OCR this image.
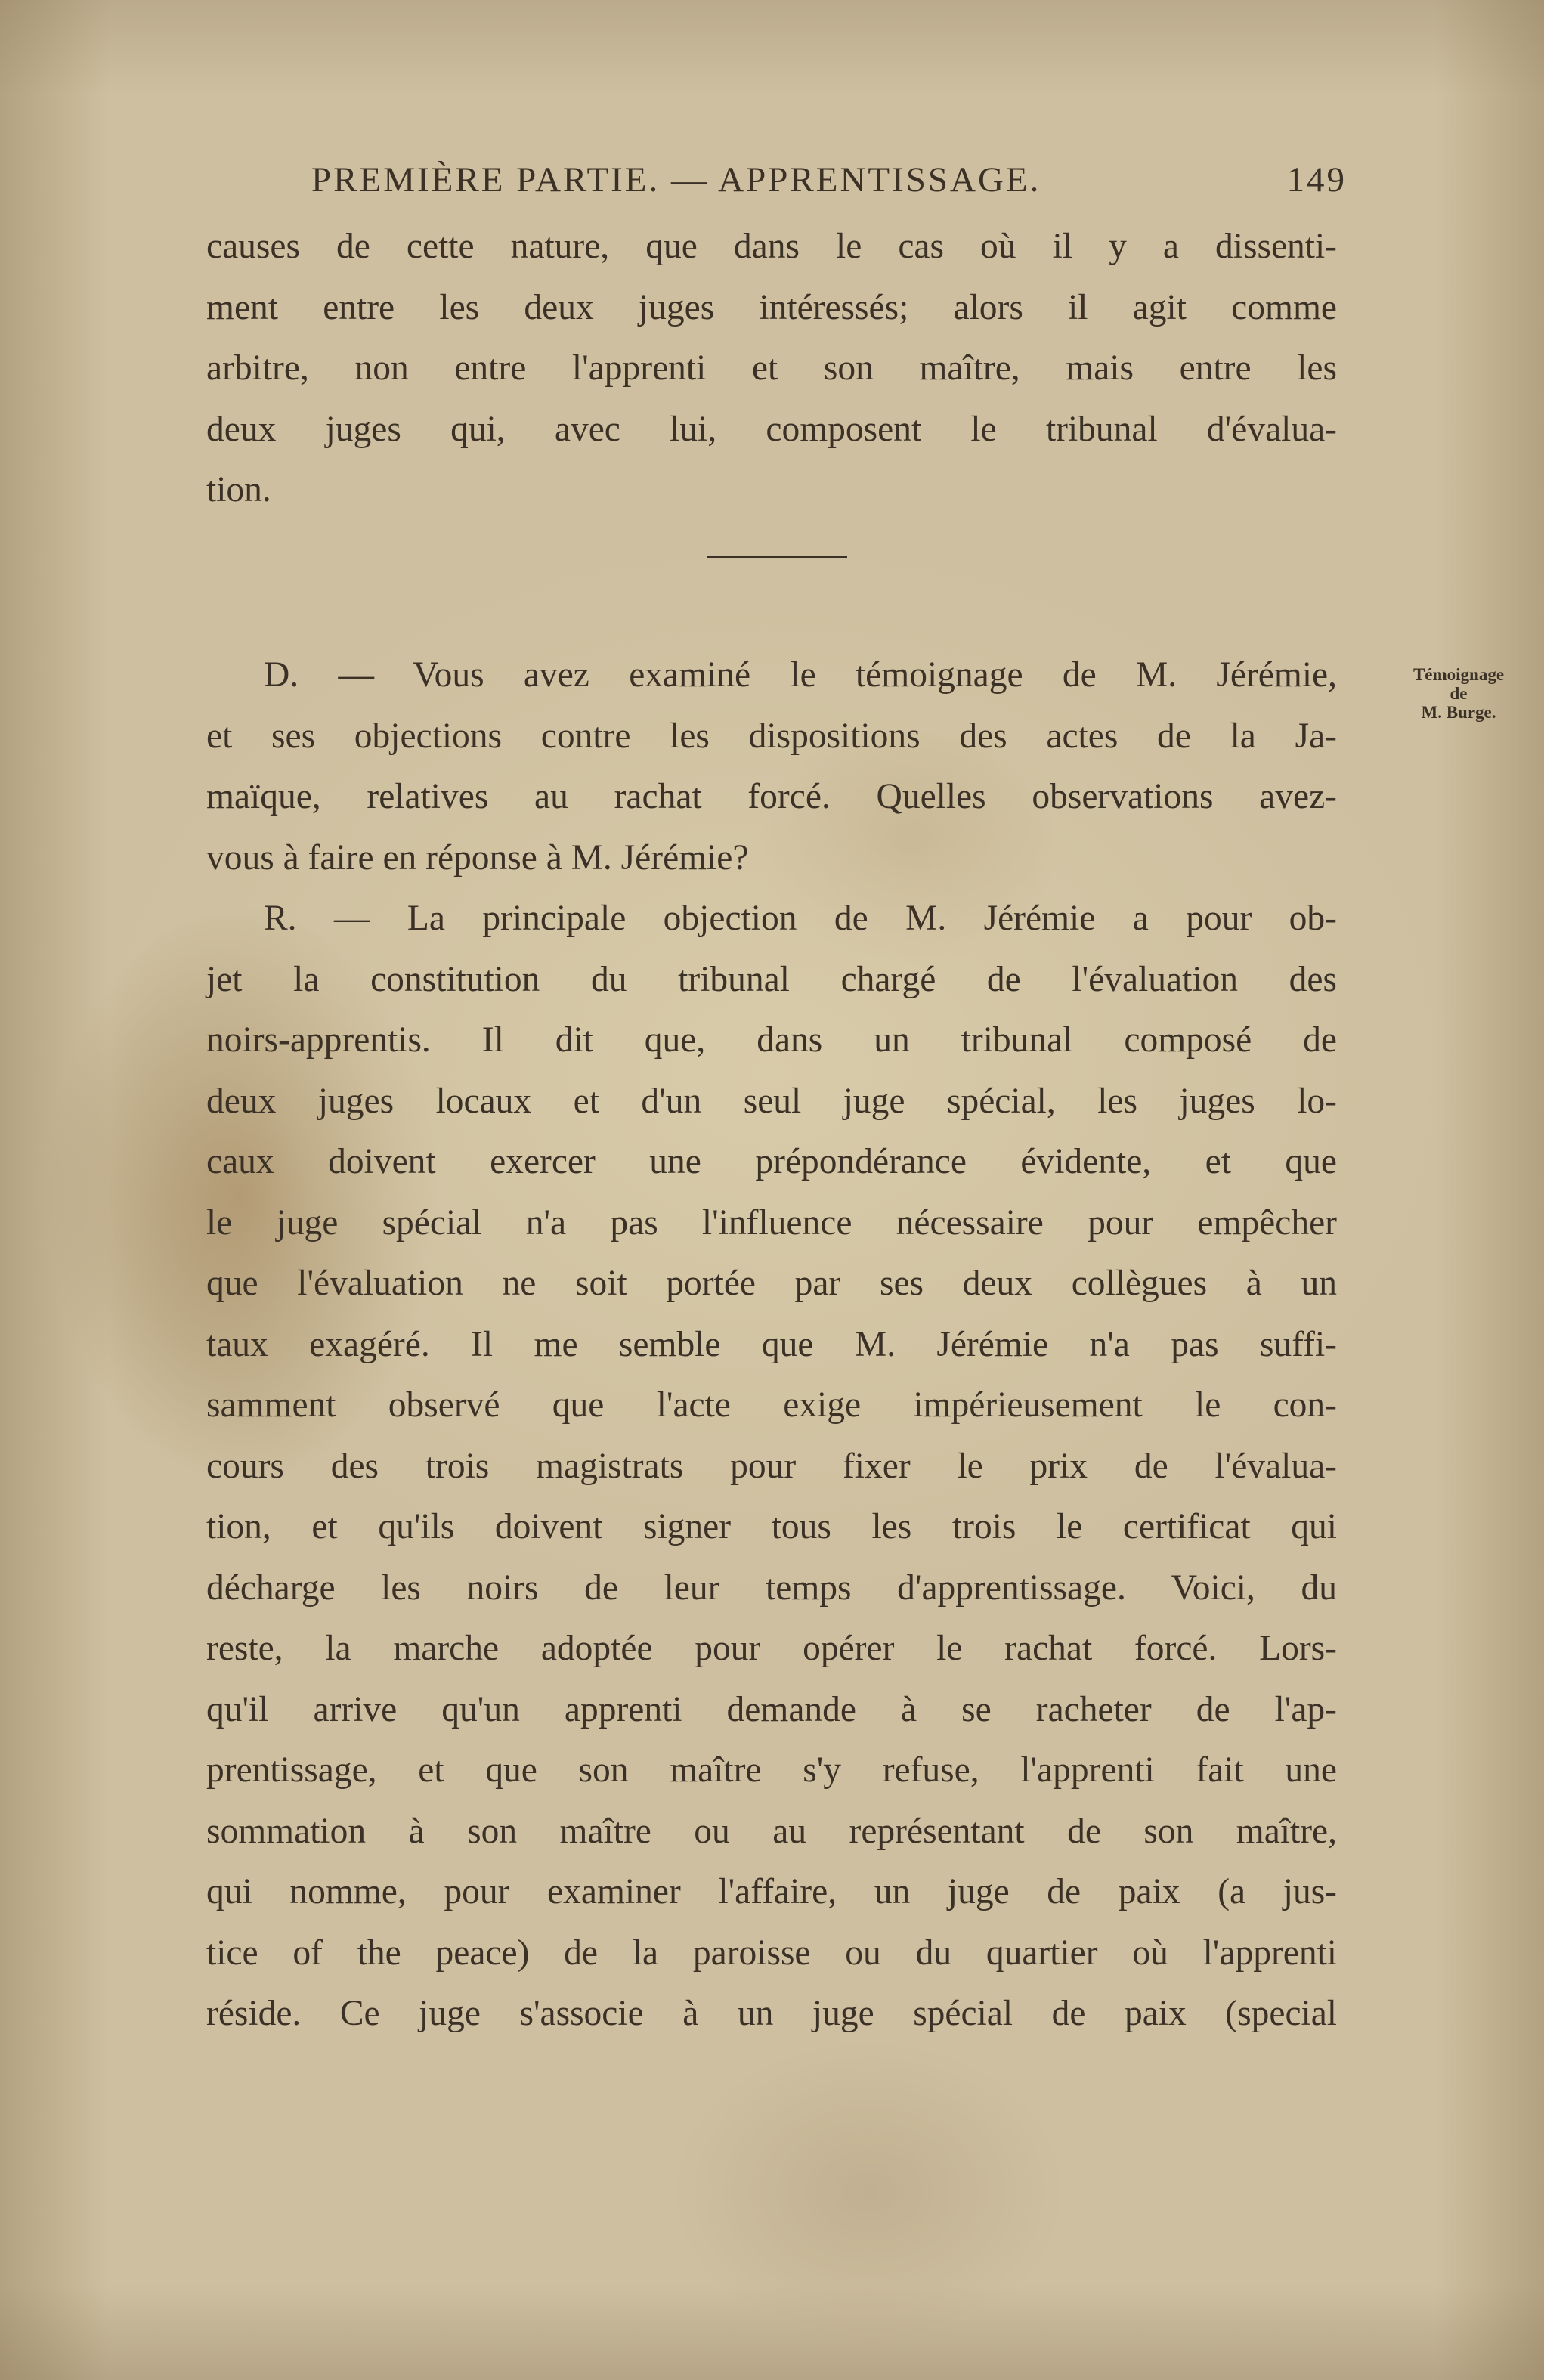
PREMIÈRE PARTIE. — APPRENTISSAGE.	149
causes de cette nature, que dans le cas où il y a dissenti-
ment entre les deux juges intéressés; alors il agit comme
arbitre, non entre l'apprenti et son maître, mais entre les
deux juges qui, avec lui, composent le tribunal d'évalua-
tion.
D. — Vous avez examiné le témoignage de M. Jérémie,
et ses objections contre les dispositions des actes de la Ja-
maïque, relatives au rachat forcé. Quelles observations avez-
vous à faire en réponse à M. Jérémie?
R. — La principale objection de M. Jérémie a pour ob-
jet la constitution du tribunal chargé de l'évaluation des
noirs-apprentis. Il dit que, dans un tribunal composé de
deux juges locaux et d'un seul juge spécial, les juges lo-
caux doivent exercer une prépondérance évidente, et que
le juge spécial n'a pas l'influence nécessaire pour empêcher
que l'évaluation ne soit portée par ses deux collègues à un
taux exagéré. Il me semble que M. Jérémie n'a pas suffi-
samment observé que l'acte exige impérieusement le con-
cours des trois magistrats pour fixer le prix de l'évalua-
tion, et qu'ils doivent signer tous les trois le certificat qui
décharge les noirs de leur temps d'apprentissage. Voici, du
reste, la marche adoptée pour opérer le rachat forcé. Lors-
qu'il arrive qu'un apprenti demande à se racheter de l'ap-
prentissage, et que son maître s'y refuse, l'apprenti fait une
sommation à son maître ou au représentant de son maître,
qui nomme, pour examiner l'affaire, un juge de paix (a jus-
tice of the peace) de la paroisse ou du quartier où l'apprenti
réside. Ce juge s'associe à un juge spécial de paix (special
Témoignage
de
M. Burge.
